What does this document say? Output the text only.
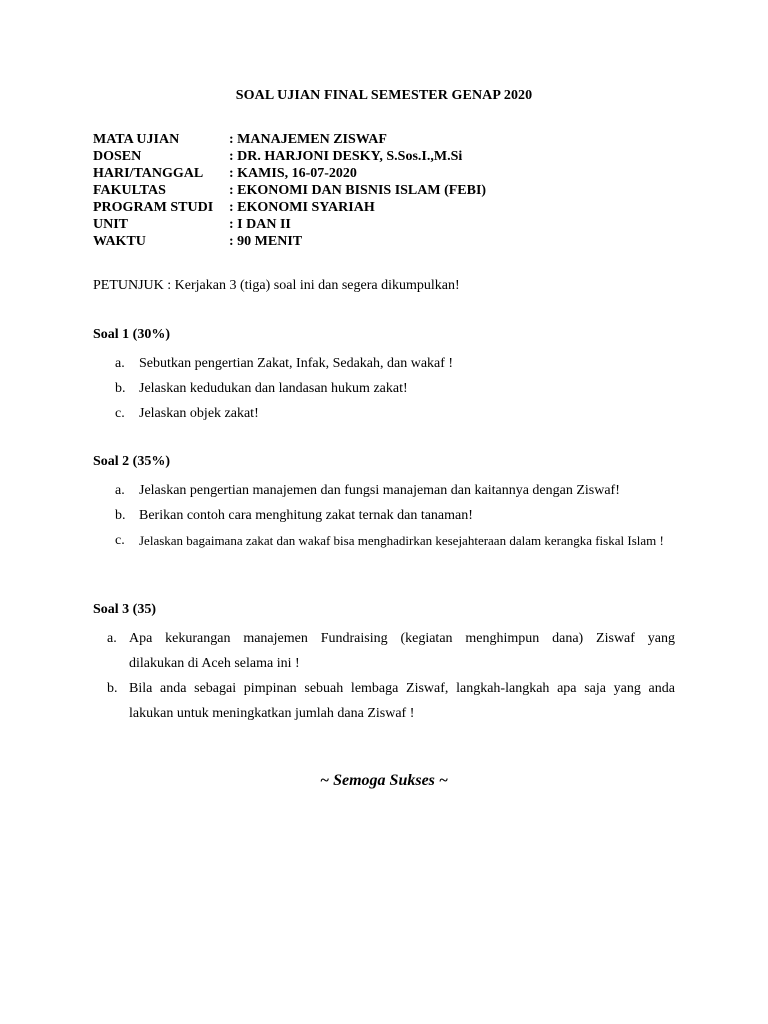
SOAL UJIAN FINAL SEMESTER GENAP 2020
MATA UJIAN	: MANAJEMEN ZISWAF
DOSEN	: DR. HARJONI DESKY, S.Sos.I.,M.Si
HARI/TANGGAL	: KAMIS, 16-07-2020
FAKULTAS	: EKONOMI DAN BISNIS ISLAM (FEBI)
PROGRAM STUDI	: EKONOMI SYARIAH
UNIT	: I DAN II
WAKTU	: 90 MENIT
PETUNJUK : Kerjakan 3 (tiga) soal ini dan segera dikumpulkan!
Soal 1 (30%)
a.	Sebutkan pengertian Zakat, Infak, Sedakah, dan wakaf !
b. Jelaskan kedudukan dan landasan hukum zakat!
c.	Jelaskan objek zakat!
Soal 2 (35%)
a.	Jelaskan pengertian manajemen dan fungsi manajeman dan kaitannya dengan Ziswaf!
b. Berikan contoh cara menghitung zakat ternak dan tanaman!
c.	Jelaskan bagaimana zakat dan wakaf bisa menghadirkan kesejahteraan dalam kerangka fiskal Islam !
Soal 3 (35)
a. Apa kekurangan manajemen Fundraising (kegiatan menghimpun dana) Ziswaf yang
dilakukan di Aceh selama ini !
b. Bila anda sebagai pimpinan sebuah lembaga Ziswaf, langkah-langkah apa saja yang anda
lakukan untuk meningkatkan jumlah dana Ziswaf !
~ Semoga Sukses ~
